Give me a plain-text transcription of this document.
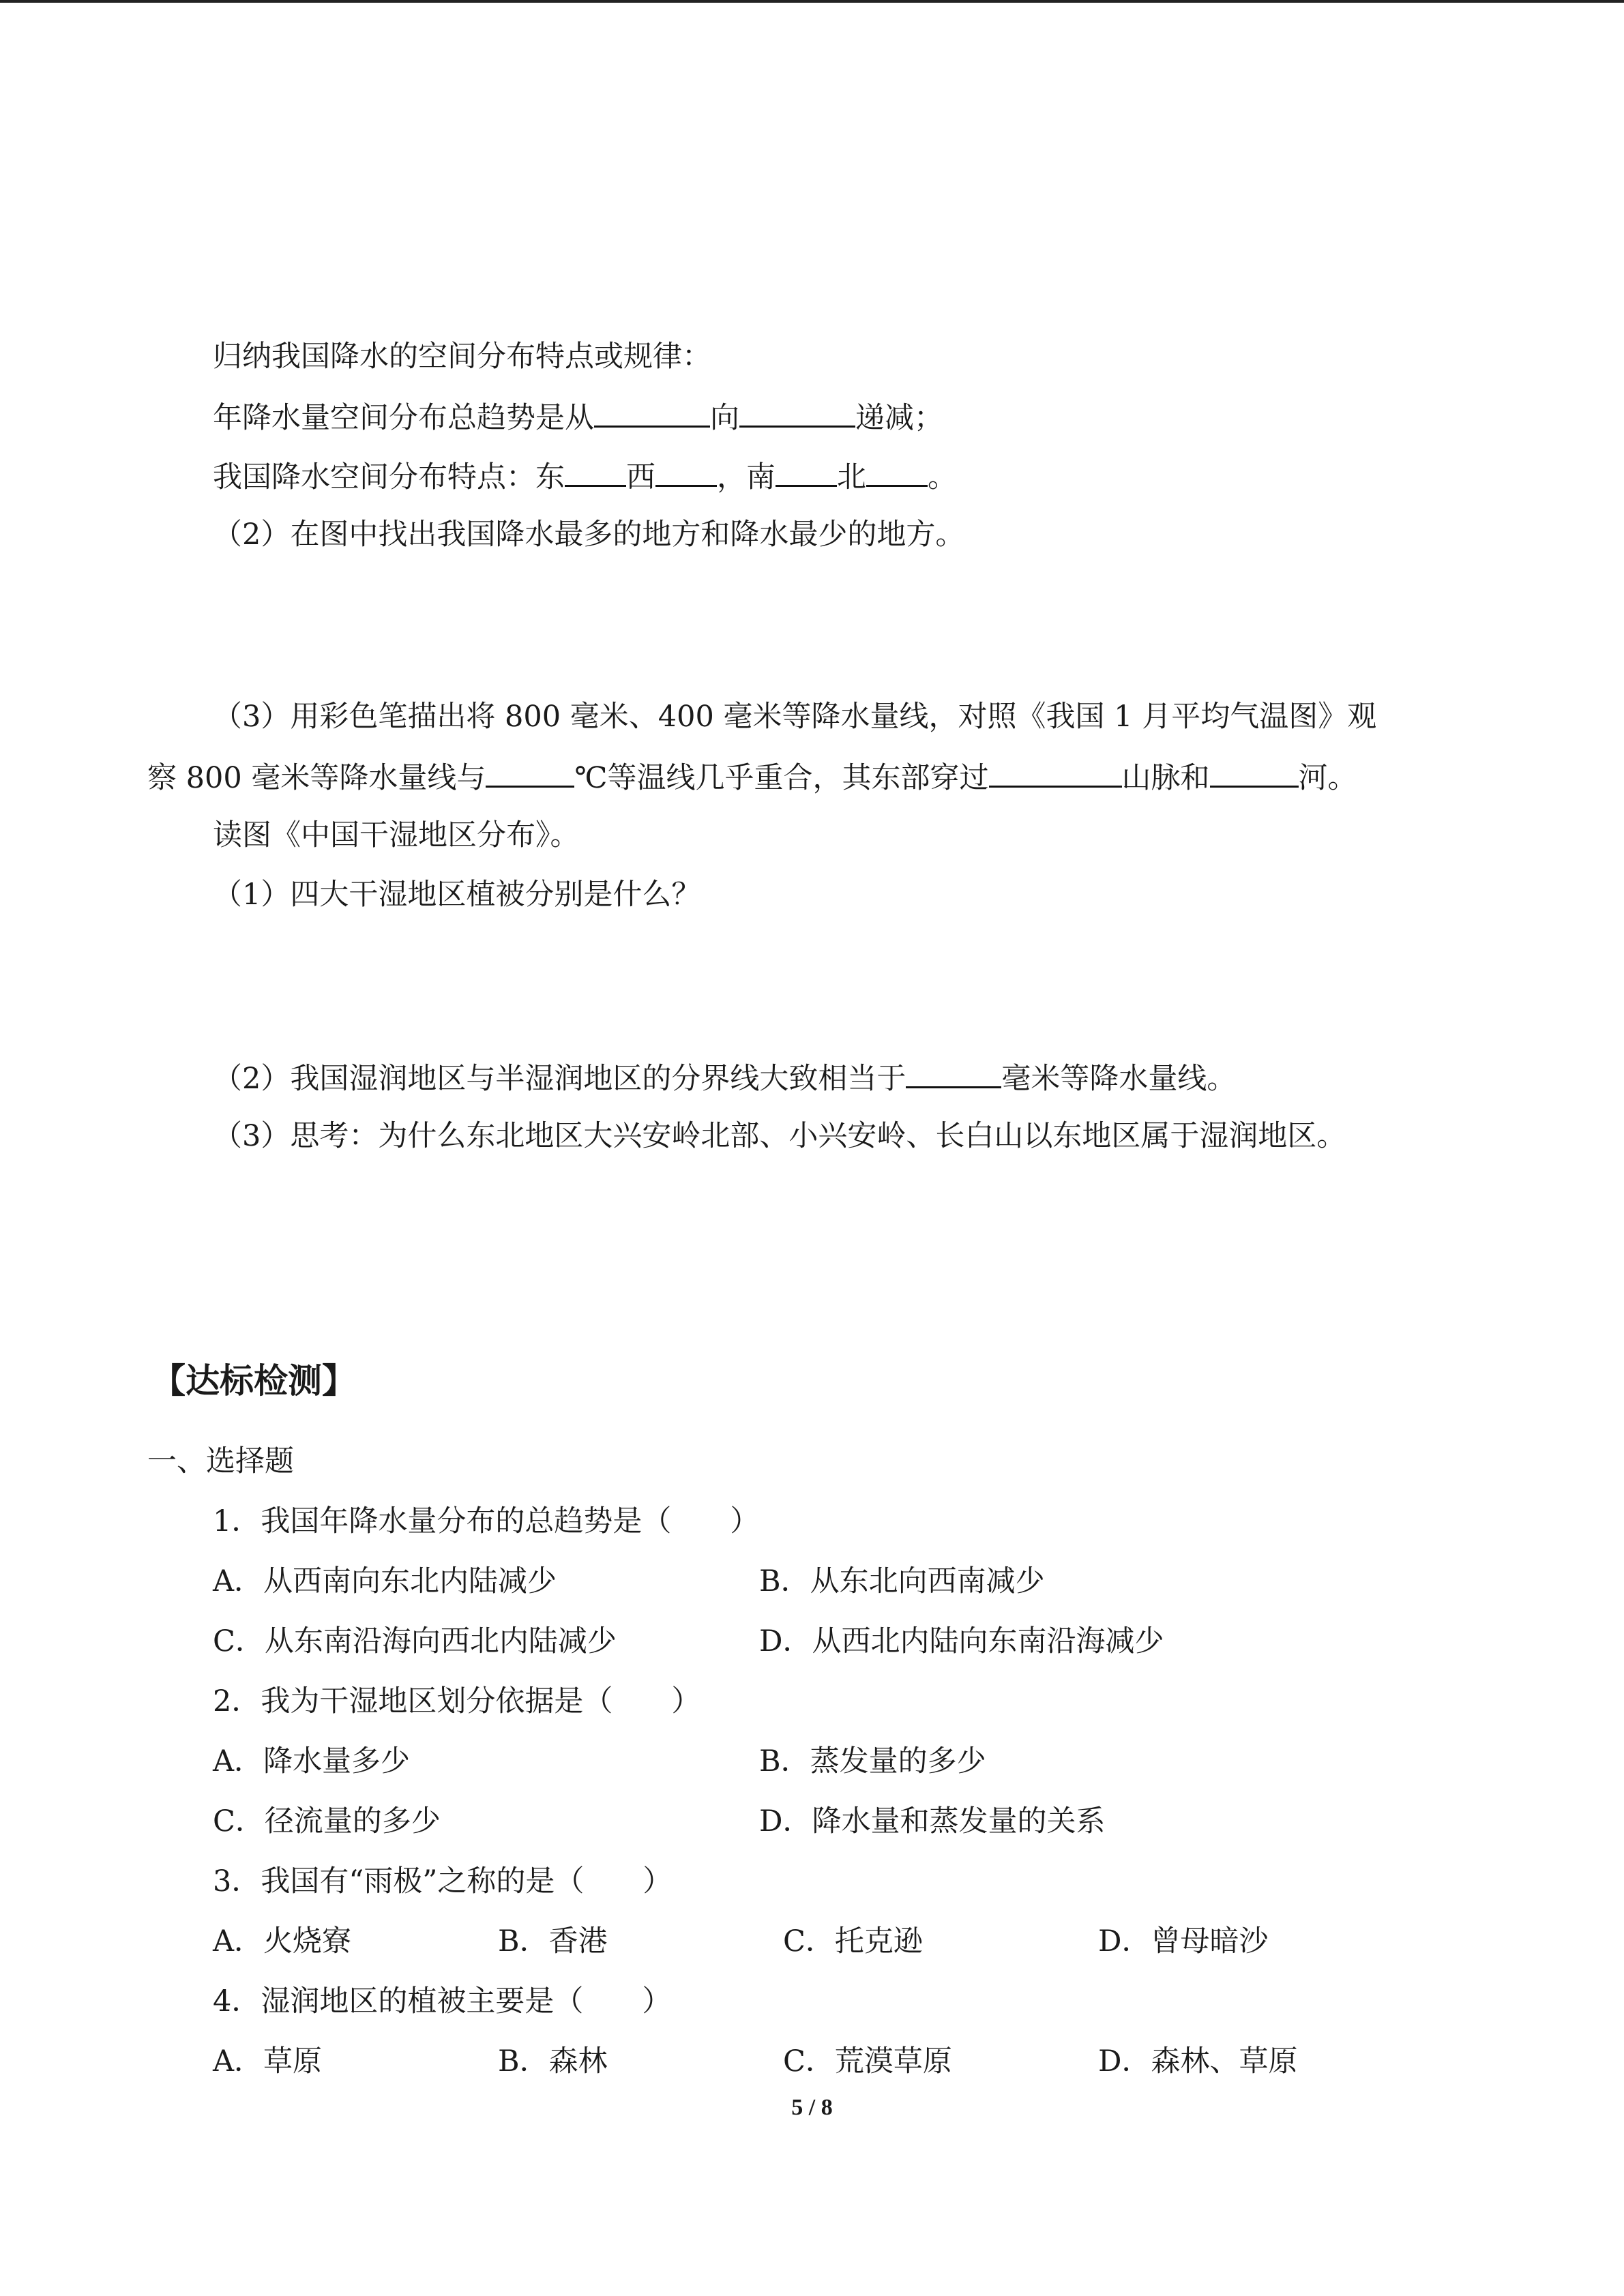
归纳我国降水的空间分布特点或规律：
年降水量空间分布总趋势是从	向	递减；
我国降水空间分布特点：东 西 ，南 北 。
（2）在图中找出我国降水最多的地方和降水最少的地方。
（3）用彩色笔描出将 800 毫米、400 毫米等降水量线，对照《我国 1 月平均气温图》观
察 800 毫米等降水量线与	℃等温线几乎重合，其东部穿过	山脉和	河。
读图《中国干湿地区分布》。
（1）四大干湿地区植被分别是什么？
（2）我国湿润地区与半湿润地区的分界线大致相当于	毫米等降水量线。
（3）思考：为什么东北地区大兴安岭北部、小兴安岭、长白山以东地区属于湿润地区。
【达标检测】
一、选择题
1．我国年降水量分布的总趋势是（　　）
A．从西南向东北内陆减少	B．从东北向西南减少
C．从东南沿海向西北内陆减少	D．从西北内陆向东南沿海减少
2．我为干湿地区划分依据是（　　）
A．降水量多少	B．蒸发量的多少
C．径流量的多少	D．降水量和蒸发量的关系
3．我国有“雨极”之称的是（　　）
A．火烧寮	B．香港	C．托克逊	D．曾母暗沙
4．湿润地区的植被主要是（　　）
A．草原	B．森林	C．荒漠草原	D．森林、草原
5 / 8
